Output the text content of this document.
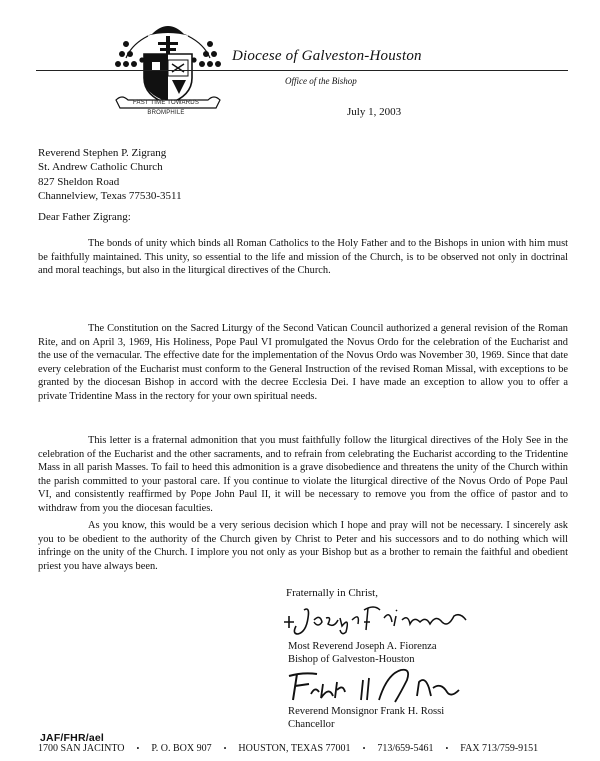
FAST TIME TOWARDS BROMPHILE
Diocese of Galveston-Houston
Office of the Bishop
July 1, 2003
Reverend Stephen P. Zigrang
St. Andrew Catholic Church
827 Sheldon Road
Channelview, Texas 77530-3511
Dear Father Zigrang:
The bonds of unity which binds all Roman Catholics to the Holy Father and to the Bishops in union with him must be faithfully maintained. This unity, so essential to the life and mission of the Church, is to be observed not only in doctrinal and moral teachings, but also in the liturgical directives of the Church.
The Constitution on the Sacred Liturgy of the Second Vatican Council authorized a general revision of the Roman Rite, and on April 3, 1969, His Holiness, Pope Paul VI promulgated the Novus Ordo for the celebration of the Eucharist and the use of the vernacular. The effective date for the implementation of the Novus Ordo was November 30, 1969. Since that date every celebration of the Eucharist must conform to the General Instruction of the revised Roman Missal, with exceptions to be granted by the diocesan Bishop in accord with the decree Ecclesia Dei. I have made an exception to allow you to offer a private Tridentine Mass in the rectory for your own spiritual needs.
This letter is a fraternal admonition that you must faithfully follow the liturgical directives of the Holy See in the celebration of the Eucharist and the other sacraments, and to refrain from celebrating the Eucharist according to the Tridentine Mass in all parish Masses. To fail to heed this admonition is a grave disobedience and threatens the unity of the Church within the parish committed to your pastoral care. If you continue to violate the liturgical directive of the Novus Ordo of Pope Paul VI, and consistently reaffirmed by Pope John Paul II, it will be necessary to remove you from the office of pastor and to withdraw from you the diocesan faculties.
As you know, this would be a very serious decision which I hope and pray will not be necessary. I sincerely ask you to be obedient to the authority of the Church given by Christ to Peter and his successors and to do nothing which will infringe on the unity of the Church. I implore you not only as your Bishop but as a brother to remain the faithful and obedient priest you have always been.
Fraternally in Christ,
Most Reverend Joseph A. Fiorenza
Bishop of Galveston-Houston
Reverend Monsignor Frank H. Rossi
Chancellor
JAF/FHR/ael
1700 SAN JACINTO • P. O. BOX 907 • HOUSTON, TEXAS 77001 • 713/659-5461 • FAX 713/759-9151
